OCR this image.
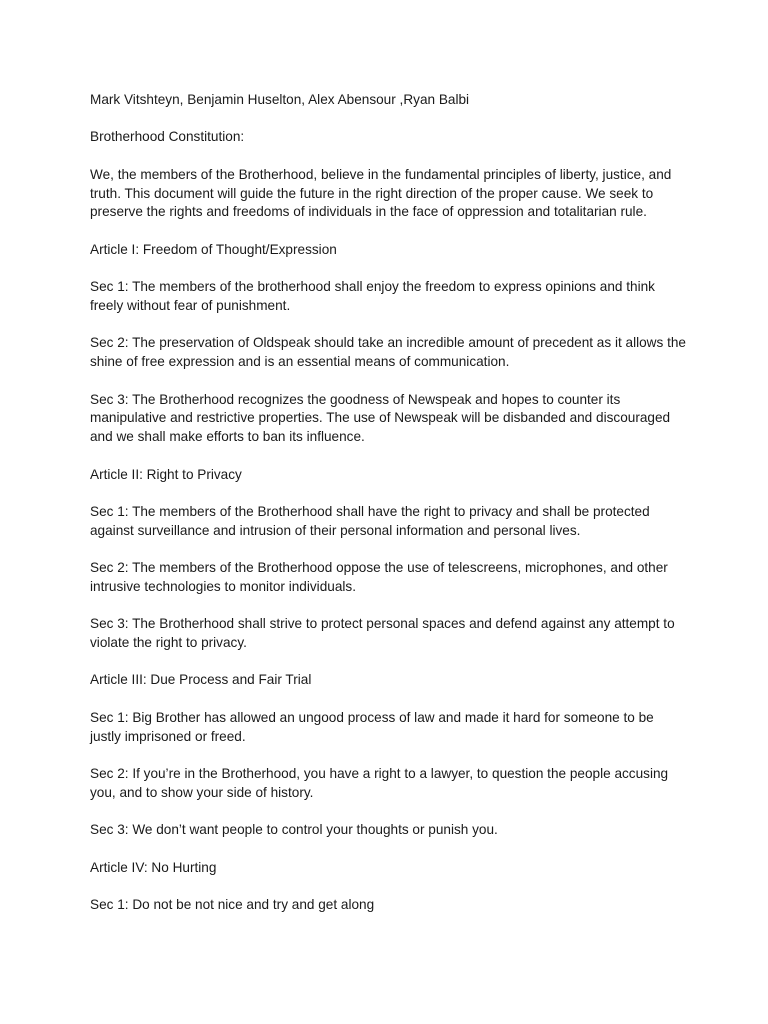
Mark Vitshteyn, Benjamin Huselton, Alex Abensour ,Ryan Balbi

Brotherhood Constitution:

We, the members of the Brotherhood, believe in the fundamental principles of liberty, justice, and truth. This document will guide the future in the right direction of the proper cause. We seek to preserve the rights and freedoms of individuals in the face of oppression and totalitarian rule.

Article I: Freedom of Thought/Expression

Sec 1: The members of the brotherhood shall enjoy the freedom to express opinions and think freely without fear of punishment.

Sec 2: The preservation of Oldspeak should take an incredible amount of precedent as it allows the shine of free expression and is an essential means of communication.

Sec 3: The Brotherhood recognizes the goodness of Newspeak and hopes to counter its manipulative and restrictive properties. The use of Newspeak will be disbanded and discouraged and we shall make efforts to ban its influence.

Article II: Right to Privacy

Sec 1: The members of the Brotherhood shall have the right to privacy and shall be protected against surveillance and intrusion of their personal information and personal lives.

Sec 2: The members of the Brotherhood oppose the use of telescreens, microphones, and other intrusive technologies to monitor individuals.

Sec 3: The Brotherhood shall strive to protect personal spaces and defend against any attempt to violate the right to privacy.

Article III: Due Process and Fair Trial

Sec 1: Big Brother has allowed an ungood process of law and made it hard for someone to be justly imprisoned or freed.

Sec 2: If you’re in the Brotherhood, you have a right to a lawyer, to question the people accusing you, and to show your side of history.

Sec 3: We don’t want people to control your thoughts or punish you.

Article IV: No Hurting

Sec 1: Do not be not nice and try and get along
